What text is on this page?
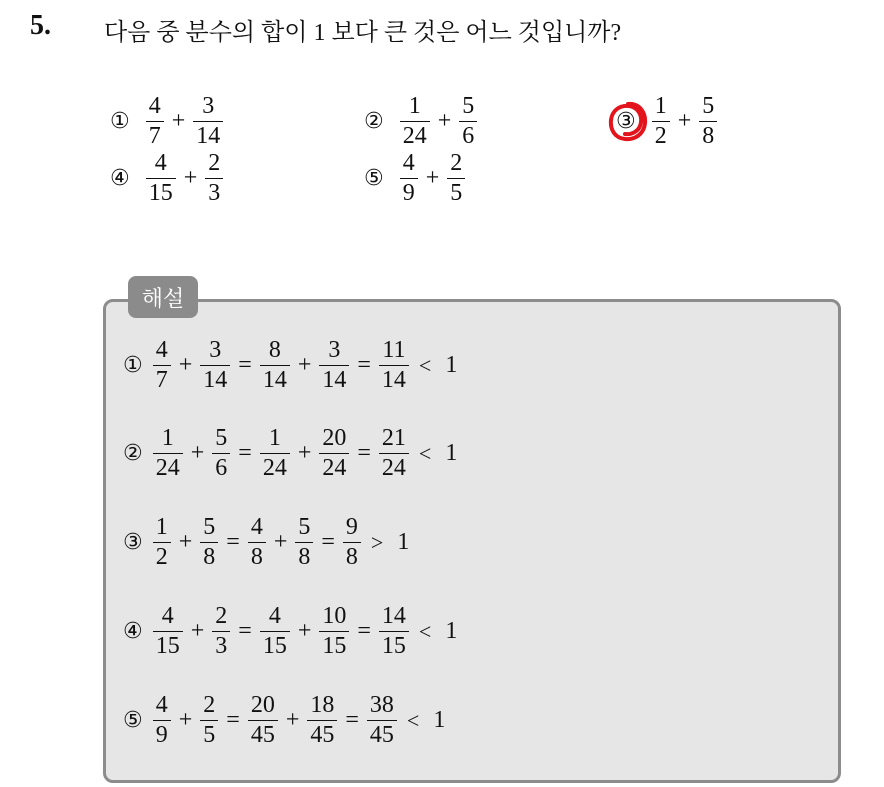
5. 다음 중 분수의 합이 1 보다 큰 것은 어느 것입니까?
① $\frac{4}{7} + \frac{3}{14}$	② $\frac{1}{24} + \frac{5}{6}$	③ $\frac{1}{2} + \frac{5}{8}$
④ $\frac{4}{15} + \frac{2}{3}$	⑤ $\frac{4}{9} + \frac{2}{5}$
해설
① $\frac{4}{7} + \frac{3}{14} = \frac{8}{14} + \frac{3}{14} = \frac{11}{14} < 1$
② $\frac{1}{24} + \frac{5}{6} = \frac{1}{24} + \frac{20}{24} = \frac{21}{24} < 1$
③ $\frac{1}{2} + \frac{5}{8} = \frac{4}{8} + \frac{5}{8} = \frac{9}{8} > 1$
④ $\frac{4}{15} + \frac{2}{3} = \frac{4}{15} + \frac{10}{15} = \frac{14}{15} < 1$
⑤ $\frac{4}{9} + \frac{2}{5} = \frac{20}{45} + \frac{18}{45} = \frac{38}{45} < 1$
